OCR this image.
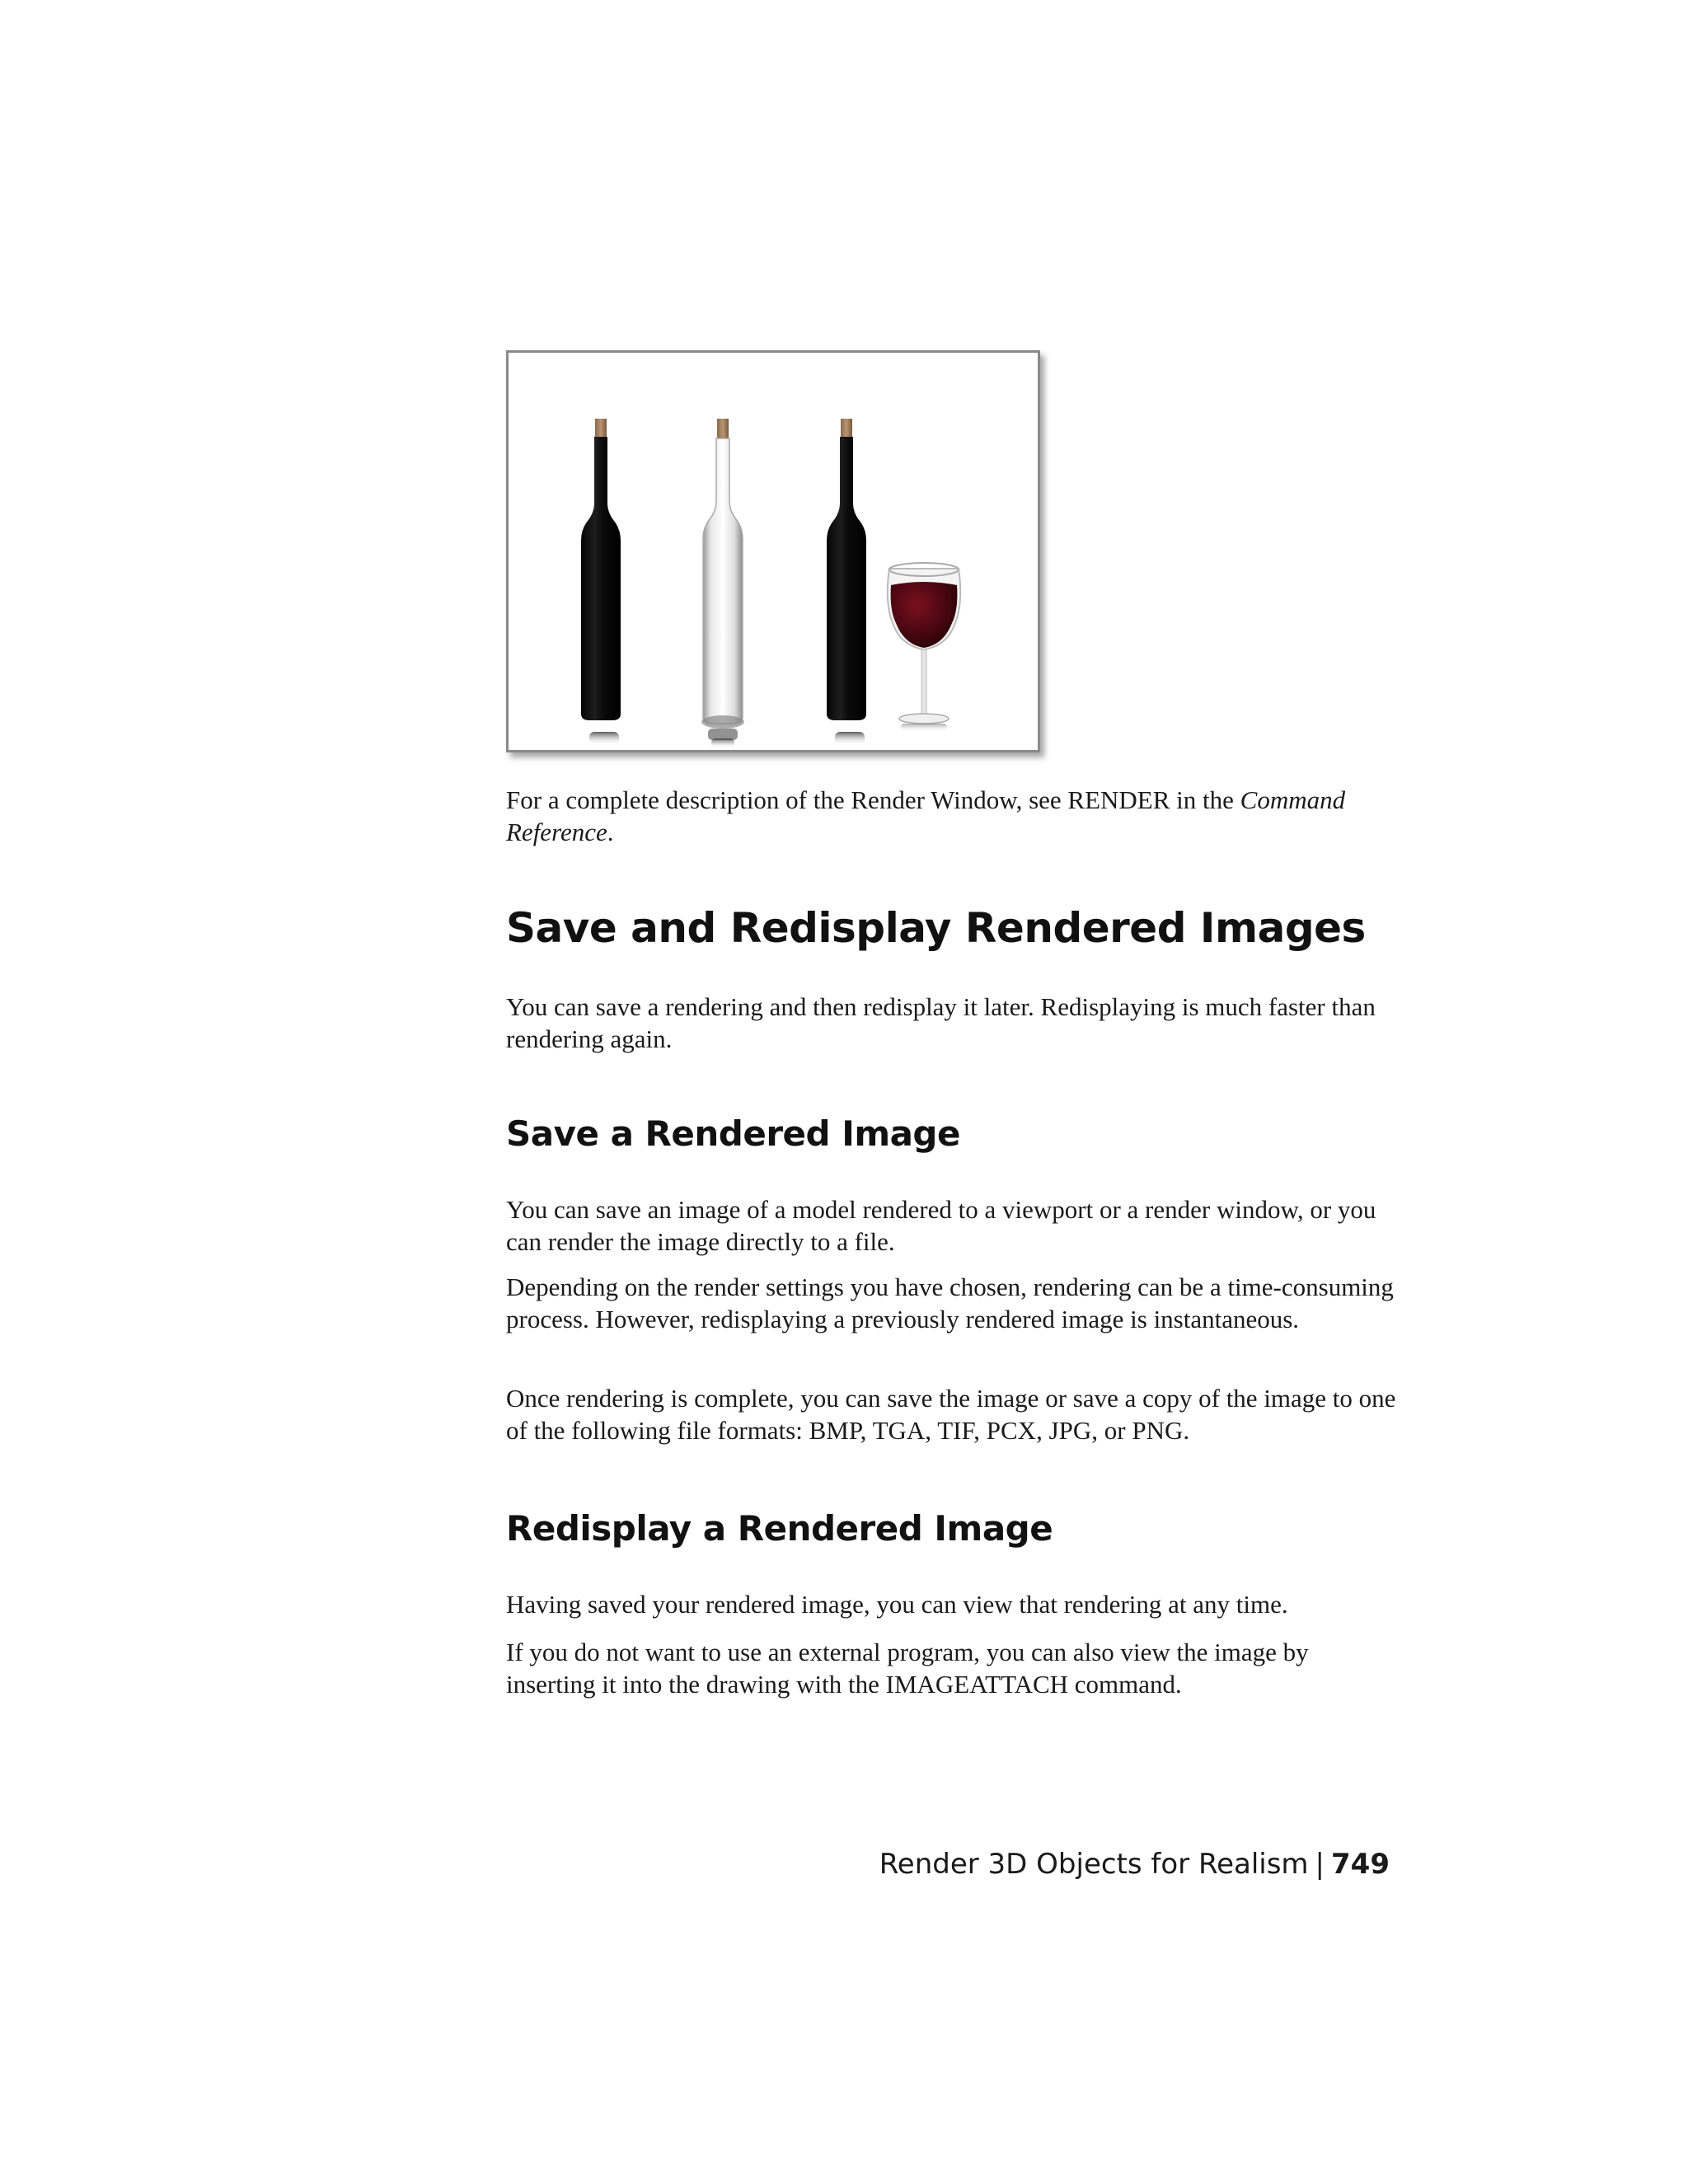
For a complete description of the Render Window, see RENDER in the Command Reference.

Save and Redisplay Rendered Images

You can save a rendering and then redisplay it later. Redisplaying is much faster than rendering again.

Save a Rendered Image

You can save an image of a model rendered to a viewport or a render window, or you can render the image directly to a file.

Depending on the render settings you have chosen, rendering can be a time-consuming process. However, redisplaying a previously rendered image is instantaneous.

Once rendering is complete, you can save the image or save a copy of the image to one of the following file formats: BMP, TGA, TIF, PCX, JPG, or PNG.

Redisplay a Rendered Image

Having saved your rendered image, you can view that rendering at any time.

If you do not want to use an external program, you can also view the image by inserting it into the drawing with the IMAGEATTACH command.

Render 3D Objects for Realism | 749
